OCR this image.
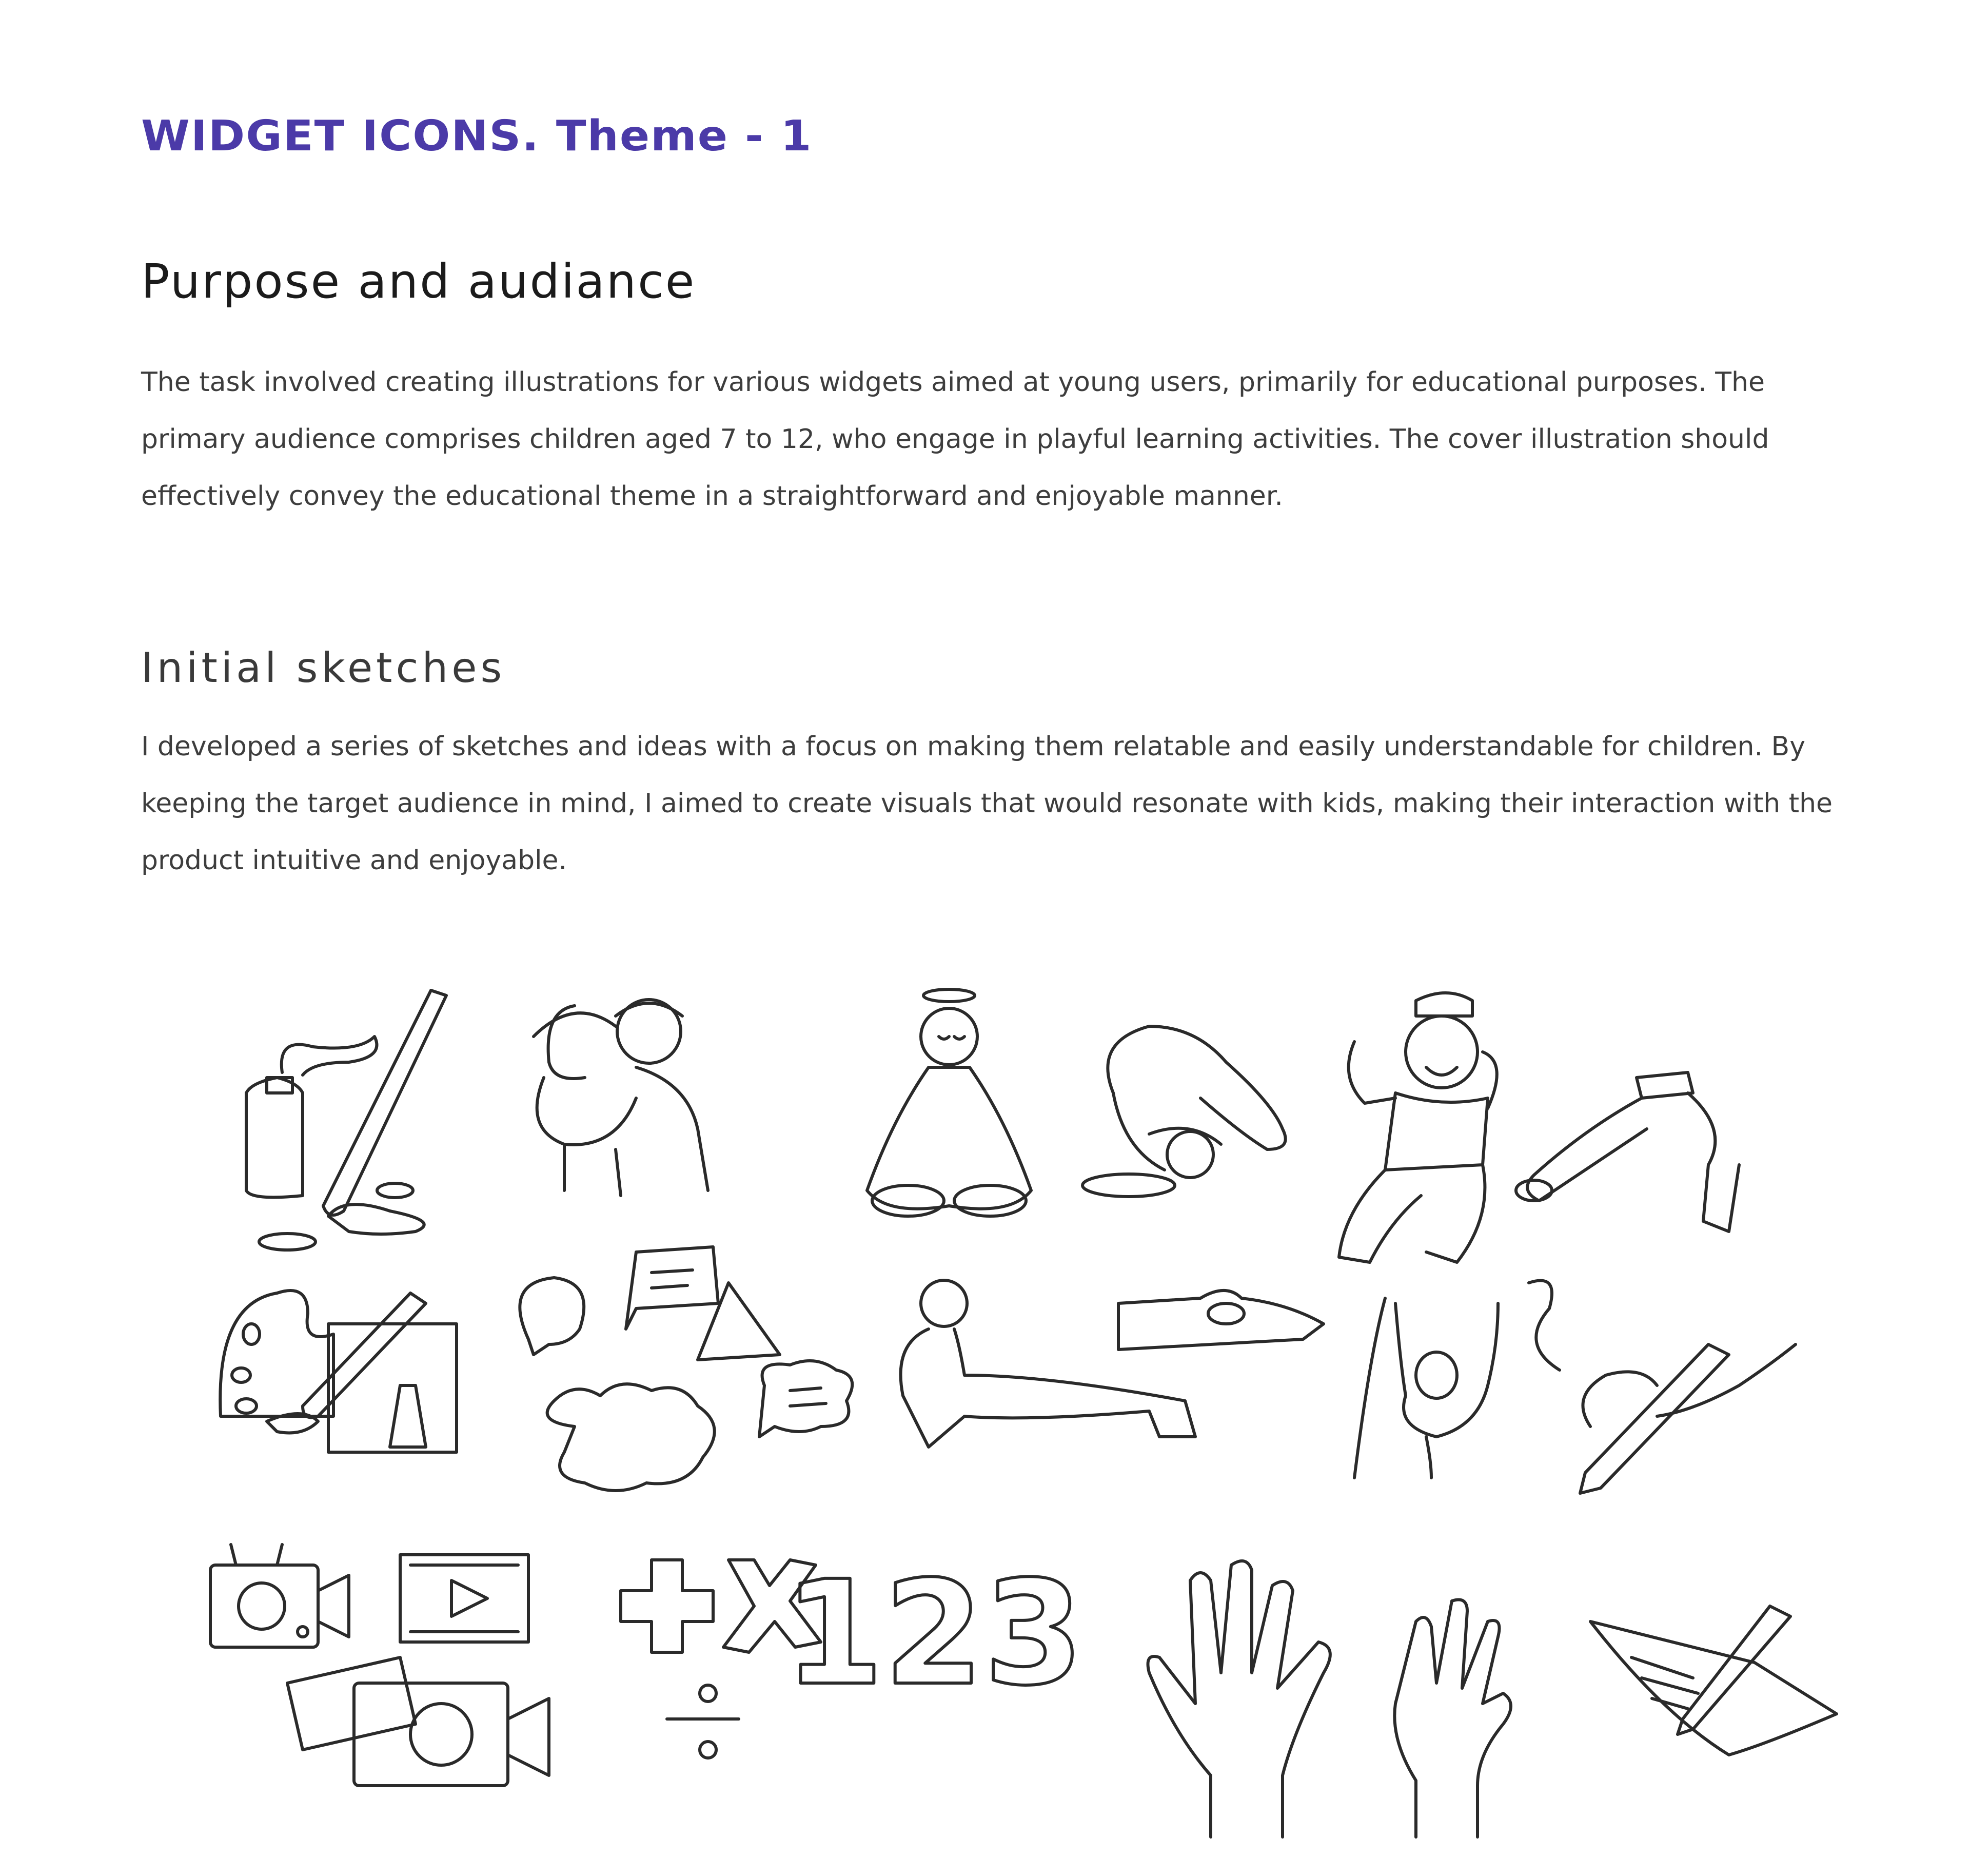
WIDGET ICONS. Theme - 1
Purpose and audiance

The task involved creating illustrations for various widgets aimed at young users, primarily for educational purposes. The primary audience comprises children aged 7 to 12, who engage in playful learning activities. The cover illustration should effectively convey the educational theme in a straightforward and enjoyable manner.

Initial sketches

I developed a series of sketches and ideas with a focus on making them relatable and easily understandable for children. By keeping the target audience in mind, I aimed to create visuals that would resonate with kids, making their interaction with the product intuitive and enjoyable.

123
